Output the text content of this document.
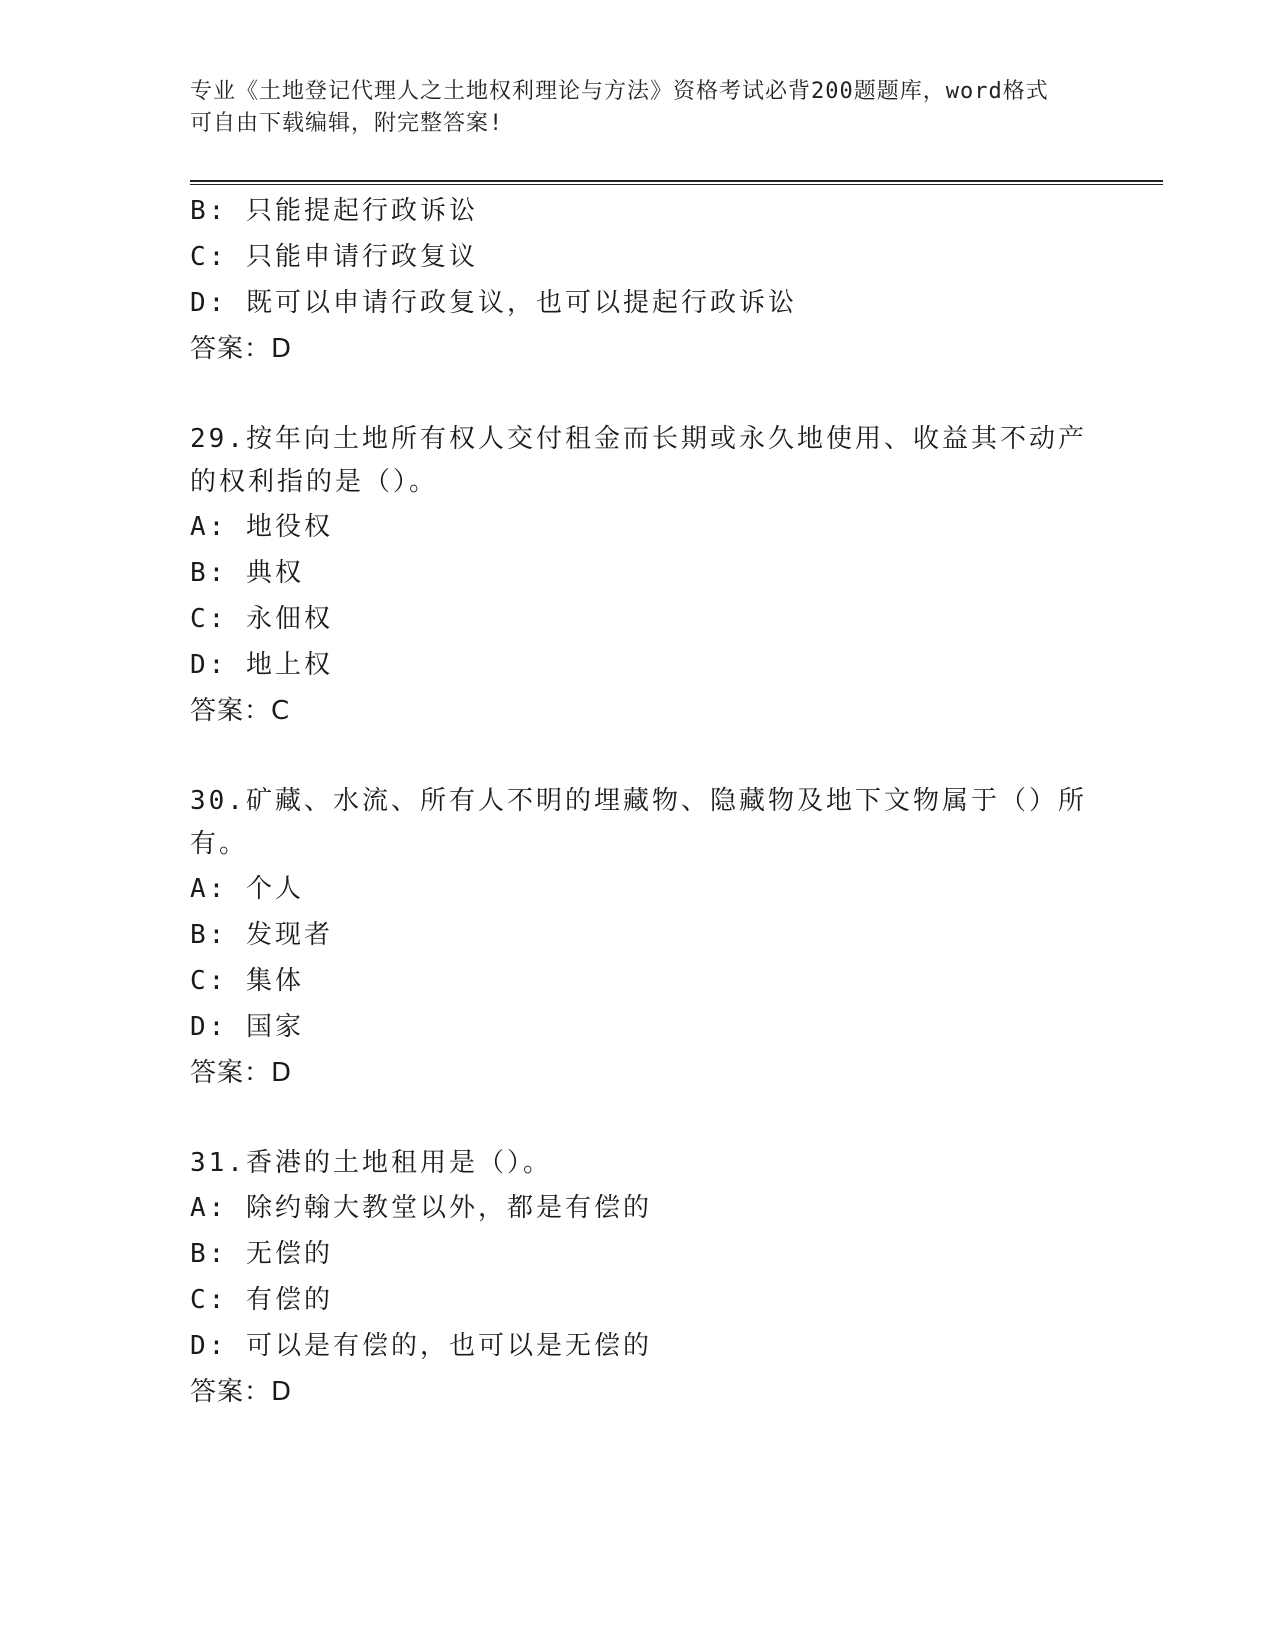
专业《土地登记代理人之土地权利理论与方法》资格考试必背200题题库，word格式可自由下载编辑，附完整答案!
B: 只能提起行政诉讼
C: 只能申请行政复议
D: 既可以申请行政复议，也可以提起行政诉讼
答案：D
29.按年向土地所有权人交付租金而长期或永久地使用、收益其不动产的权利指的是（）。
A: 地役权
B: 典权
C: 永佃权
D: 地上权
答案：C
30.矿藏、水流、所有人不明的埋藏物、隐藏物及地下文物属于（）所有。
A: 个人
B: 发现者
C: 集体
D: 国家
答案：D
31.香港的土地租用是（）。
A: 除约翰大教堂以外，都是有偿的
B: 无偿的
C: 有偿的
D: 可以是有偿的，也可以是无偿的
答案：D
